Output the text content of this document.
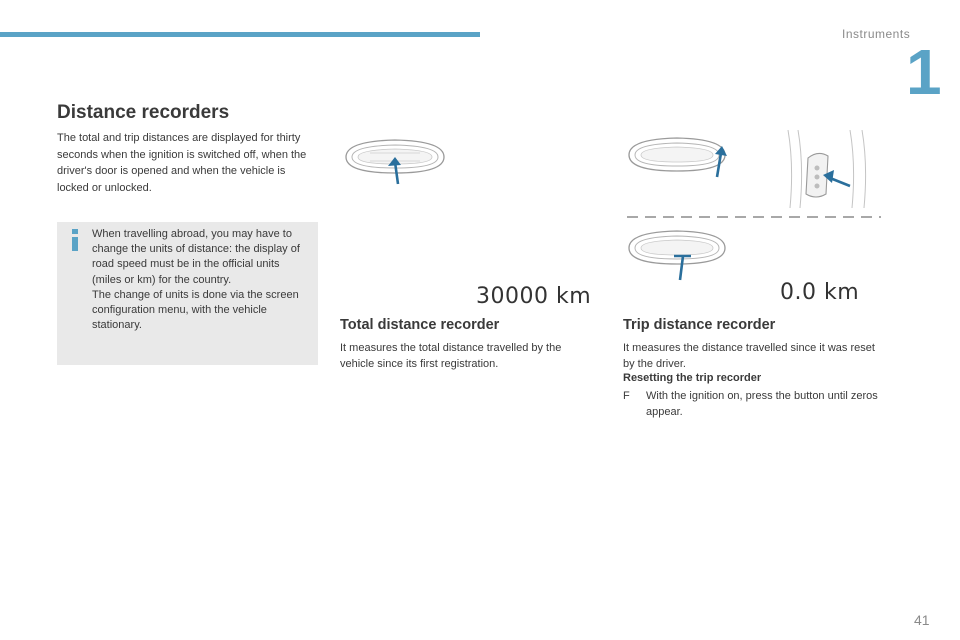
Instruments
1
Distance recorders

The total and trip distances are displayed for thirty seconds when the ignition is switched off, when the driver's door is opened and when the vehicle is locked or unlocked.

When travelling abroad, you may have to change the units of distance: the display of road speed must be in the official units (miles or km) for the country.
The change of units is done via the screen configuration menu, with the vehicle stationary.

30000 km	0.0 km
Total distance recorder

It measures the total distance travelled by the vehicle since its first registration.

Trip distance recorder

It measures the distance travelled since it was reset by the driver.

Resetting the trip recorder
F With the ignition on, press the button until zeros appear.
41
